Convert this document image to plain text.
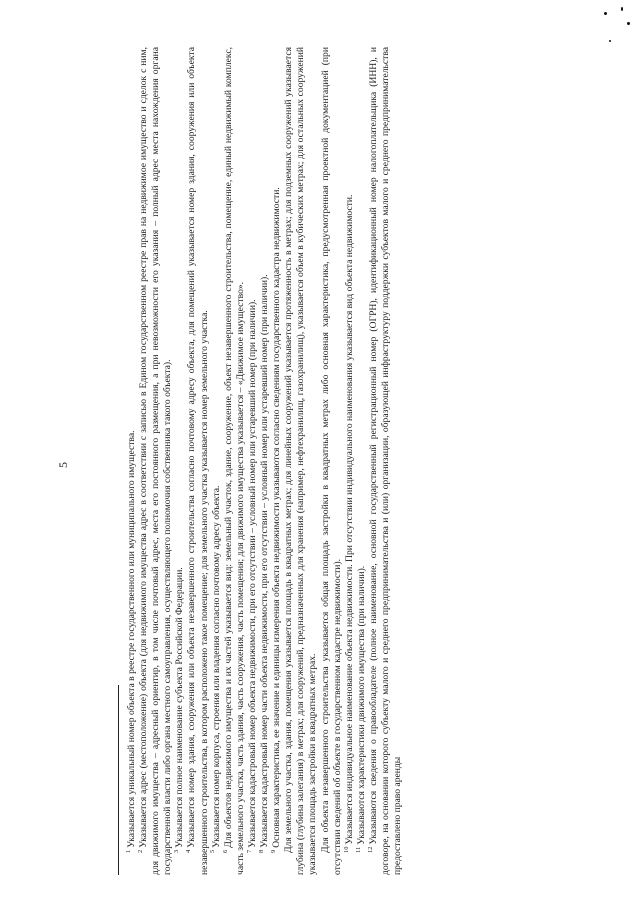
5

$^1$Указывается уникальный номер объекта в реестре государственного или муниципального имущества.

$^2$Указывается адрес (местоположение) объекта (для недвижимого имущества адрес в соответствии с записью в Едином государственном реестре прав на недвижимое имущество и сделок с ним, для движимого имущества – адресный ориентир, в том числе почтовый адрес, места его постоянного размещения, а при невозможности его указания – полный адрес места нахождения органа государственной власти либо органа местного самоуправления, осуществляющего полномочия собственника такого объекта). $^3$Указывается полное наименование субъекта Российской Федерации.

$^4$Указывается номер здания, сооружения или объекта незавершенного строительства согласно почтовому адресу объекта, для помещений указывается номер здания, сооружения или объекта незавершенного строительства, в котором расположено такое помещение; для земельного участка указывается номер земельного участка. $^5$Указывается номер корпуса, строения или владения согласно почтовому адресу объекта.

$^6$Для объектов недвижимого имущества и их частей указывается вид: земельный участок, здание, сооружение, объект незавершенного строительства, помещение, единый недвижимый комплекс, часть земельного участка, часть здания, часть сооружения, часть помещения; для движимого имущества указывается – «Движимое имущество». $^7$Указывается кадастровый номер объекта недвижимости, при его отсутствии – условный номер или устаревший номер (при наличии).

$^8$Указывается кадастровый номер части объекта недвижимости, при его отсутствии – условный номер или устаревший номер (при наличии).

$^9$Основная характеристика, ее значение и единицы измерения объекта недвижимости указываются согласно сведениям государственного кадастра недвижимости. Для земельного участка, здания, помещения указывается площадь в квадратных метрах; для линейных сооружений указывается протяженность в метрах; для подземных сооружений указывается глубина (глубина залегания) в метрах; для сооружений, предназначенных для хранения (например, нефтехранилищ, газохранилищ), указывается объем в кубических метрах; для остальных сооружений указывается площадь застройки в квадратных метрах. Для объекта незавершенного строительства указывается общая площадь застройки в квадратных метрах либо основная характеристика, предусмотренная проектной документацией (при отсутствии сведений об объекте в государственном кадастре недвижимости). $^{10}$Указывается индивидуальное наименование объекта недвижимости. При отсутствии индивидуального наименования указывается вид объекта недвижимости.

$^{11}$Указываются характеристики движимого имущества (при наличии).

$^{12}$Указываются сведения о правообладателе (полное наименование, основной государственный регистрационный номер (ОГРН), идентификационный номер налогоплательщика (ИНН), и договоре, на основании которого субъекту малого и среднего предпринимательства и (или) организации, образующей инфраструктуру поддержки субъектов малого и среднего предпринимательства предоставлено право аренды
